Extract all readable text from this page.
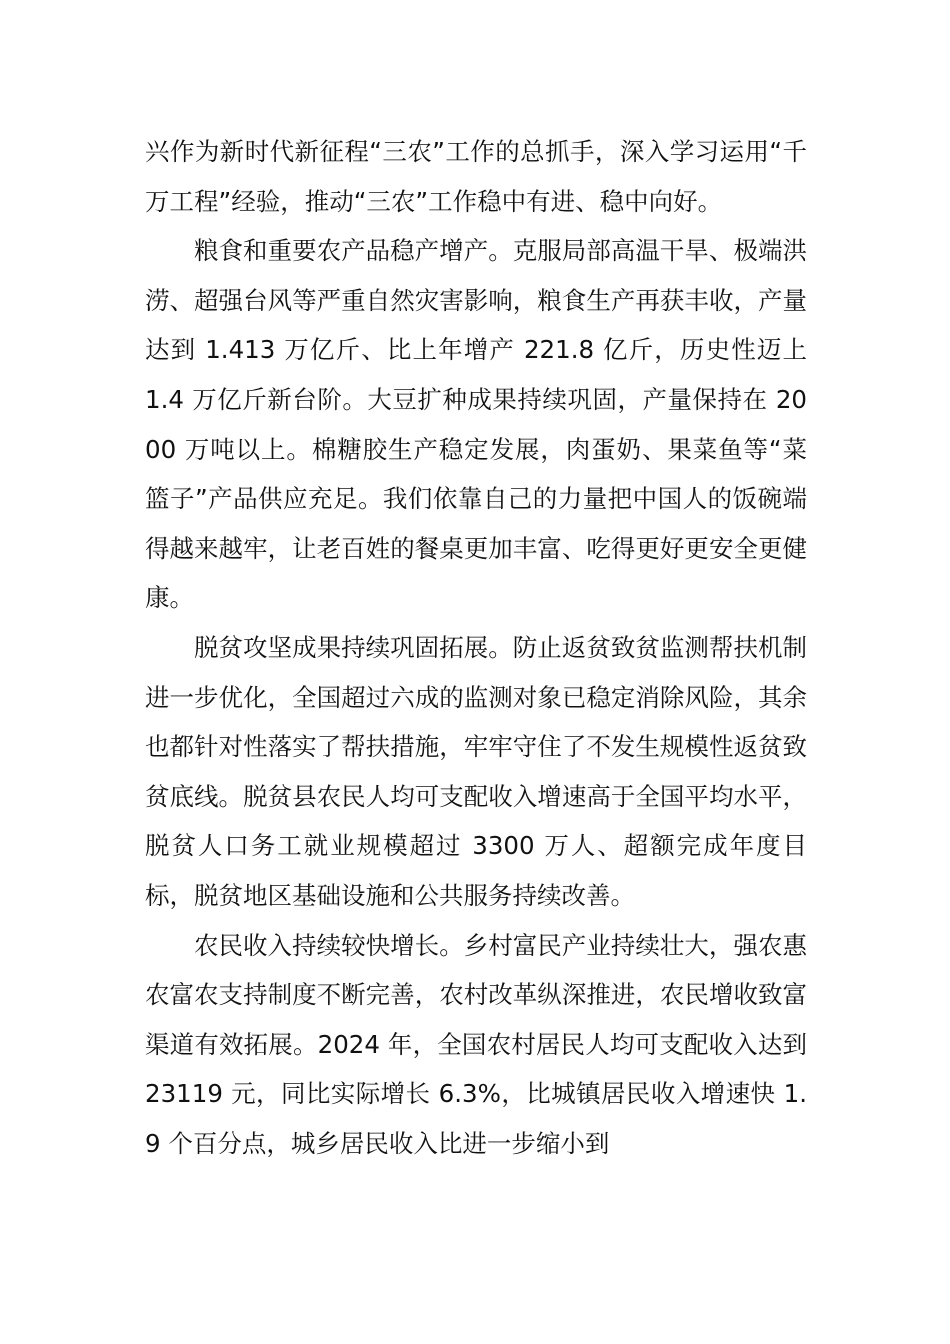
兴作为新时代新征程“三农”工作的总抓手，深入学习运用“千万工程”经验，推动“三农”工作稳中有进、稳中向好。

粮食和重要农产品稳产增产。克服局部高温干旱、极端洪涝、超强台风等严重自然灾害影响，粮食生产再获丰收，产量达到 1.413 万亿斤、比上年增产 221.8 亿斤，历史性迈上 1.4 万亿斤新台阶。大豆扩种成果持续巩固，产量保持在 2000 万吨以上。棉糖胶生产稳定发展，肉蛋奶、果菜鱼等“菜篮子”产品供应充足。我们依靠自己的力量把中国人的饭碗端得越来越牢，让老百姓的餐桌更加丰富、吃得更好更安全更健康。

脱贫攻坚成果持续巩固拓展。防止返贫致贫监测帮扶机制进一步优化，全国超过六成的监测对象已稳定消除风险，其余也都针对性落实了帮扶措施，牢牢守住了不发生规模性返贫致贫底线。脱贫县农民人均可支配收入增速高于全国平均水平，脱贫人口务工就业规模超过 3300 万人、超额完成年度目标，脱贫地区基础设施和公共服务持续改善。

农民收入持续较快增长。乡村富民产业持续壮大，强农惠农富农支持制度不断完善，农村改革纵深推进，农民增收致富渠道有效拓展。2024 年，全国农村居民人均可支配收入达到 23119 元，同比实际增长 6.3%，比城镇居民收入增速快 1.9 个百分点，城乡居民收入比进一步缩小到
